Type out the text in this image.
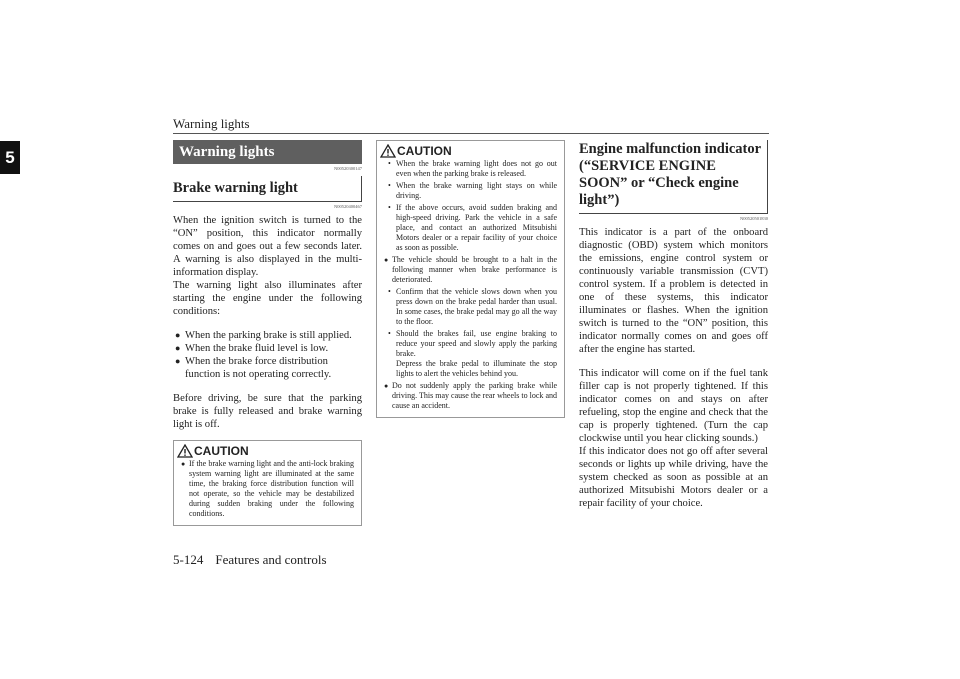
Warning lights
5	Warning lights
Brake warning light
N00520300147
N00520400467

When the ignition switch is turned to the “ON” position, this indicator normally comes on and goes out a few seconds later. A warning is also displayed in the multi-information display.

The warning light also illuminates after starting the engine under the following conditions:

● When the parking brake is still applied.
● When the brake fluid level is low.
● When the brake force distribution function is not operating correctly.

Before driving, be sure that the parking brake is fully released and brake warning light is off.

CAUTION
● If the brake warning light and the anti-lock braking system warning light are illuminated at the same time, the braking force distribution function will not operate, so the vehicle may be destabilized during sudden braking under the following conditions.
CAUTION
• When the brake warning light does not go out even when the parking brake is released.
• When the brake warning light stays on while driving.
• If the above occurs, avoid sudden braking and high-speed driving. Park the vehicle in a safe place, and contact an authorized Mitsubishi Motors dealer or a repair facility of your choice as soon as possible.
● The vehicle should be brought to a halt in the following manner when brake performance is deteriorated.
• Confirm that the vehicle slows down when you press down on the brake pedal harder than usual. In some cases, the brake pedal may go all the way to the floor.
• Should the brakes fail, use engine braking to reduce your speed and slowly apply the parking brake.
Depress the brake pedal to illuminate the stop lights to alert the vehicles behind you.
● Do not suddenly apply the parking brake while driving. This may cause the rear wheels to lock and cause an accident.
Engine malfunction indicator (“SERVICE ENGINE SOON” or “Check engine light”)
N00520501830

This indicator is a part of the onboard diagnostic (OBD) system which monitors the emissions, engine control system or continuously variable transmission (CVT) control system. If a problem is detected in one of these systems, this indicator illuminates or flashes. When the ignition switch is turned to the “ON” position, this indicator normally comes on and goes off after the engine has started.

This indicator will come on if the fuel tank filler cap is not properly tightened. If this indicator comes on and stays on after refueling, stop the engine and check that the cap is properly tightened. (Turn the cap clockwise until you hear clicking sounds.)

If this indicator does not go off after several seconds or lights up while driving, have the system checked as soon as possible at an authorized Mitsubishi Motors dealer or a repair facility of your choice.

5-124 Features and controls
